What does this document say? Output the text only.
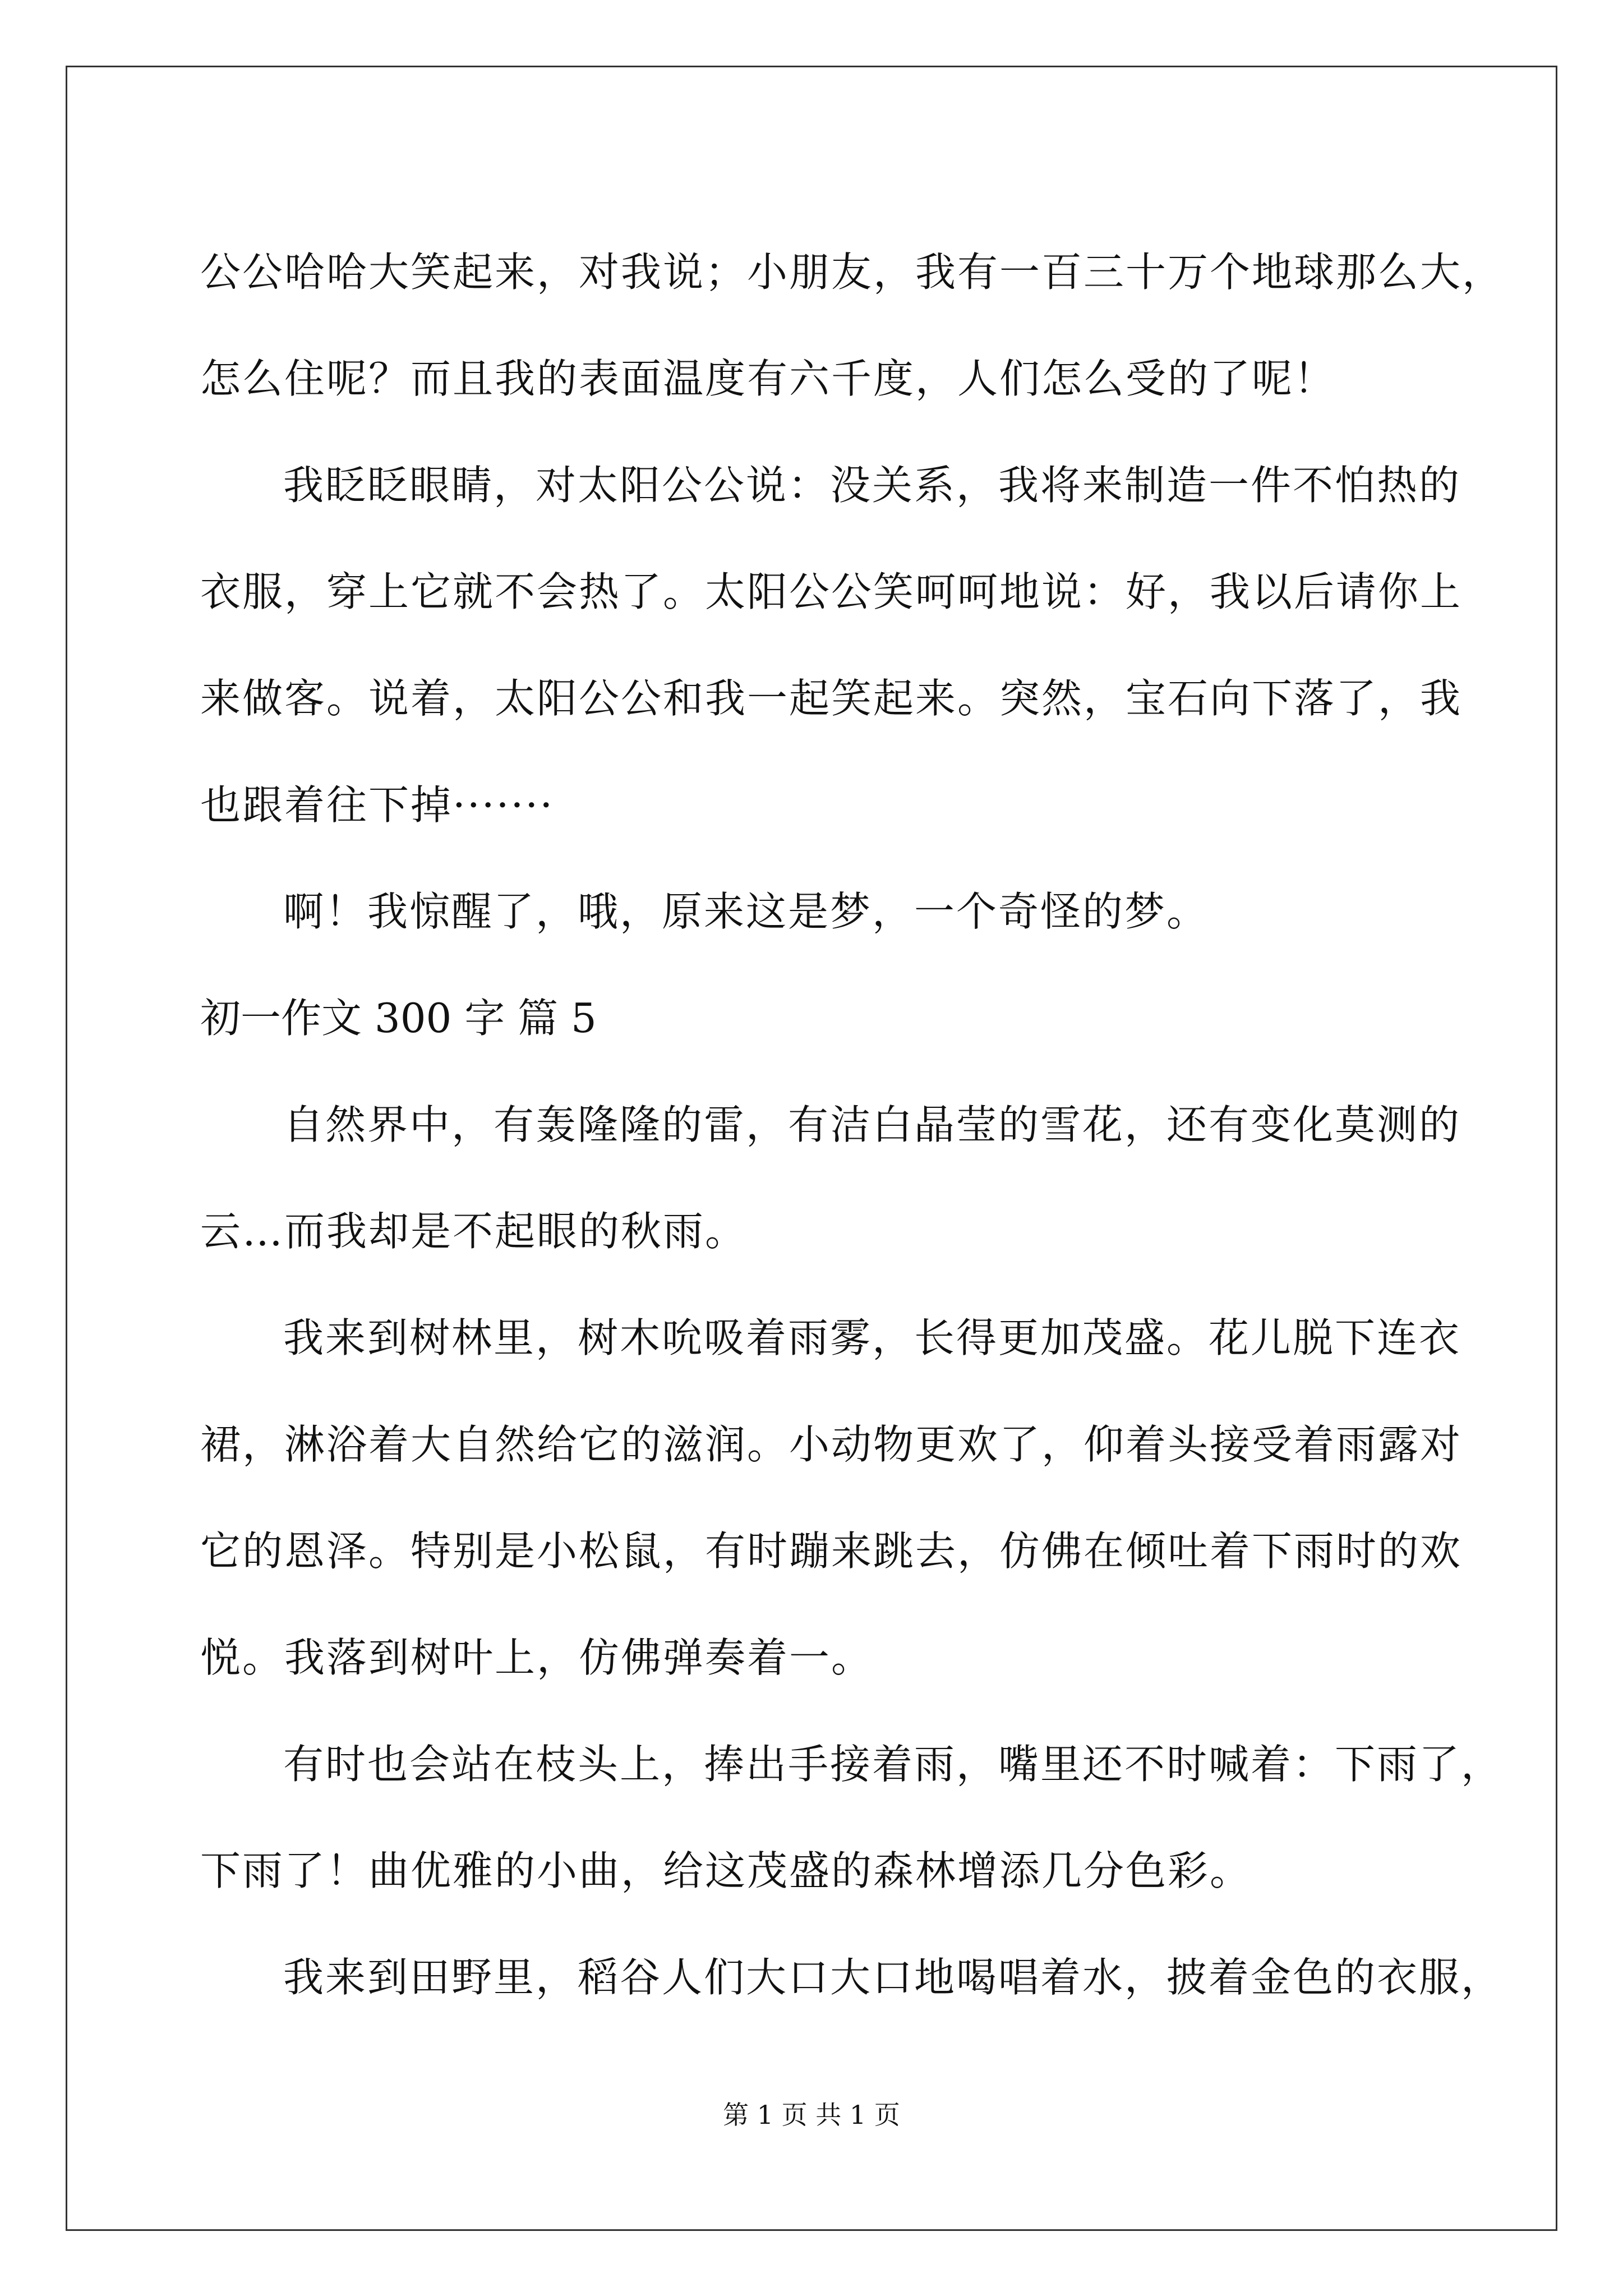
公公哈哈大笑起来，对我说；小朋友，我有一百三十万个地球那么大，
怎么住呢？而且我的表面温度有六千度，人们怎么受的了呢！
我眨眨眼睛，对太阳公公说：没关系，我将来制造一件不怕热的
衣服，穿上它就不会热了。太阳公公笑呵呵地说：好，我以后请你上
来做客。说着，太阳公公和我一起笑起来。突然，宝石向下落了，我
也跟着往下掉·······
啊！我惊醒了，哦，原来这是梦，一个奇怪的梦。
初一作文 300 字 篇 5
自然界中，有轰隆隆的雷，有洁白晶莹的雪花，还有变化莫测的
云…而我却是不起眼的秋雨。
我来到树林里，树木吮吸着雨雾，长得更加茂盛。花儿脱下连衣
裙，淋浴着大自然给它的滋润。小动物更欢了，仰着头接受着雨露对
它的恩泽。特别是小松鼠，有时蹦来跳去，仿佛在倾吐着下雨时的欢
悦。我落到树叶上，仿佛弹奏着一。
有时也会站在枝头上，捧出手接着雨，嘴里还不时喊着：下雨了，
下雨了！曲优雅的小曲，给这茂盛的森林增添几分色彩。
我来到田野里，稻谷人们大口大口地喝唱着水，披着金色的衣服，
第 1 页 共 1 页
